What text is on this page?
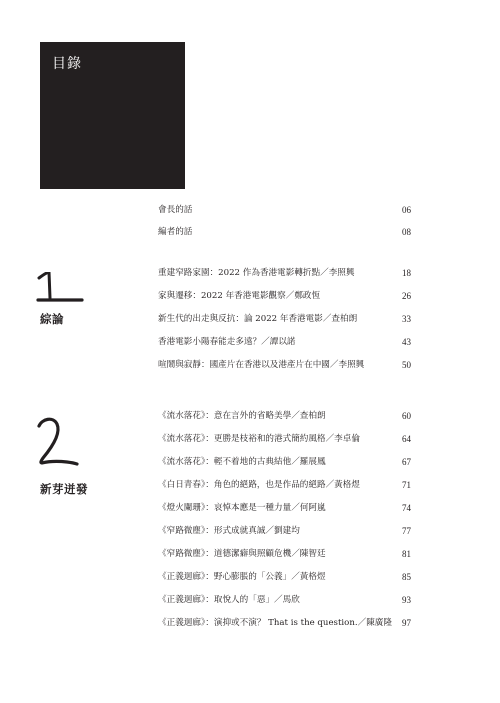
目錄
會長的話	06
編者的話	08
綜論
重建窄路家園：2022 作為香港電影轉折點／李照興	18
家與遷移：2022 年香港電影觀察／鄭政恆	26
新生代的出走與反抗：論 2022 年香港電影／查柏朗	33
香港電影小陽春能走多遠？／譚以諾	43
喧鬧與寂靜：國產片在香港以及港產片在中國／李照興	50
新芽迸發
《流水落花》：意在言外的省略美學／查柏朗	60
《流水落花》：更勝是枝裕和的港式簡約風格／李卓倫	64
《流水落花》：輕不着地的古典結他／羅展鳳	67
《白日青春》：角色的絕路，也是作品的絕路／黃格煜	71
《燈火闌珊》：哀悼本應是一種力量／何阿嵐	74
《窄路微塵》：形式成就真誠／劉建均	77
《窄路微塵》：道德潔癖與照顧危機／陳智廷	81
《正義迴廊》：野心膨脹的「公義」／黃格煜	85
《正義迴廊》：取悅人的「惡」／馬欣	93
《正義迴廊》：演抑或不演？ That is the question.／陳廣隆 97
